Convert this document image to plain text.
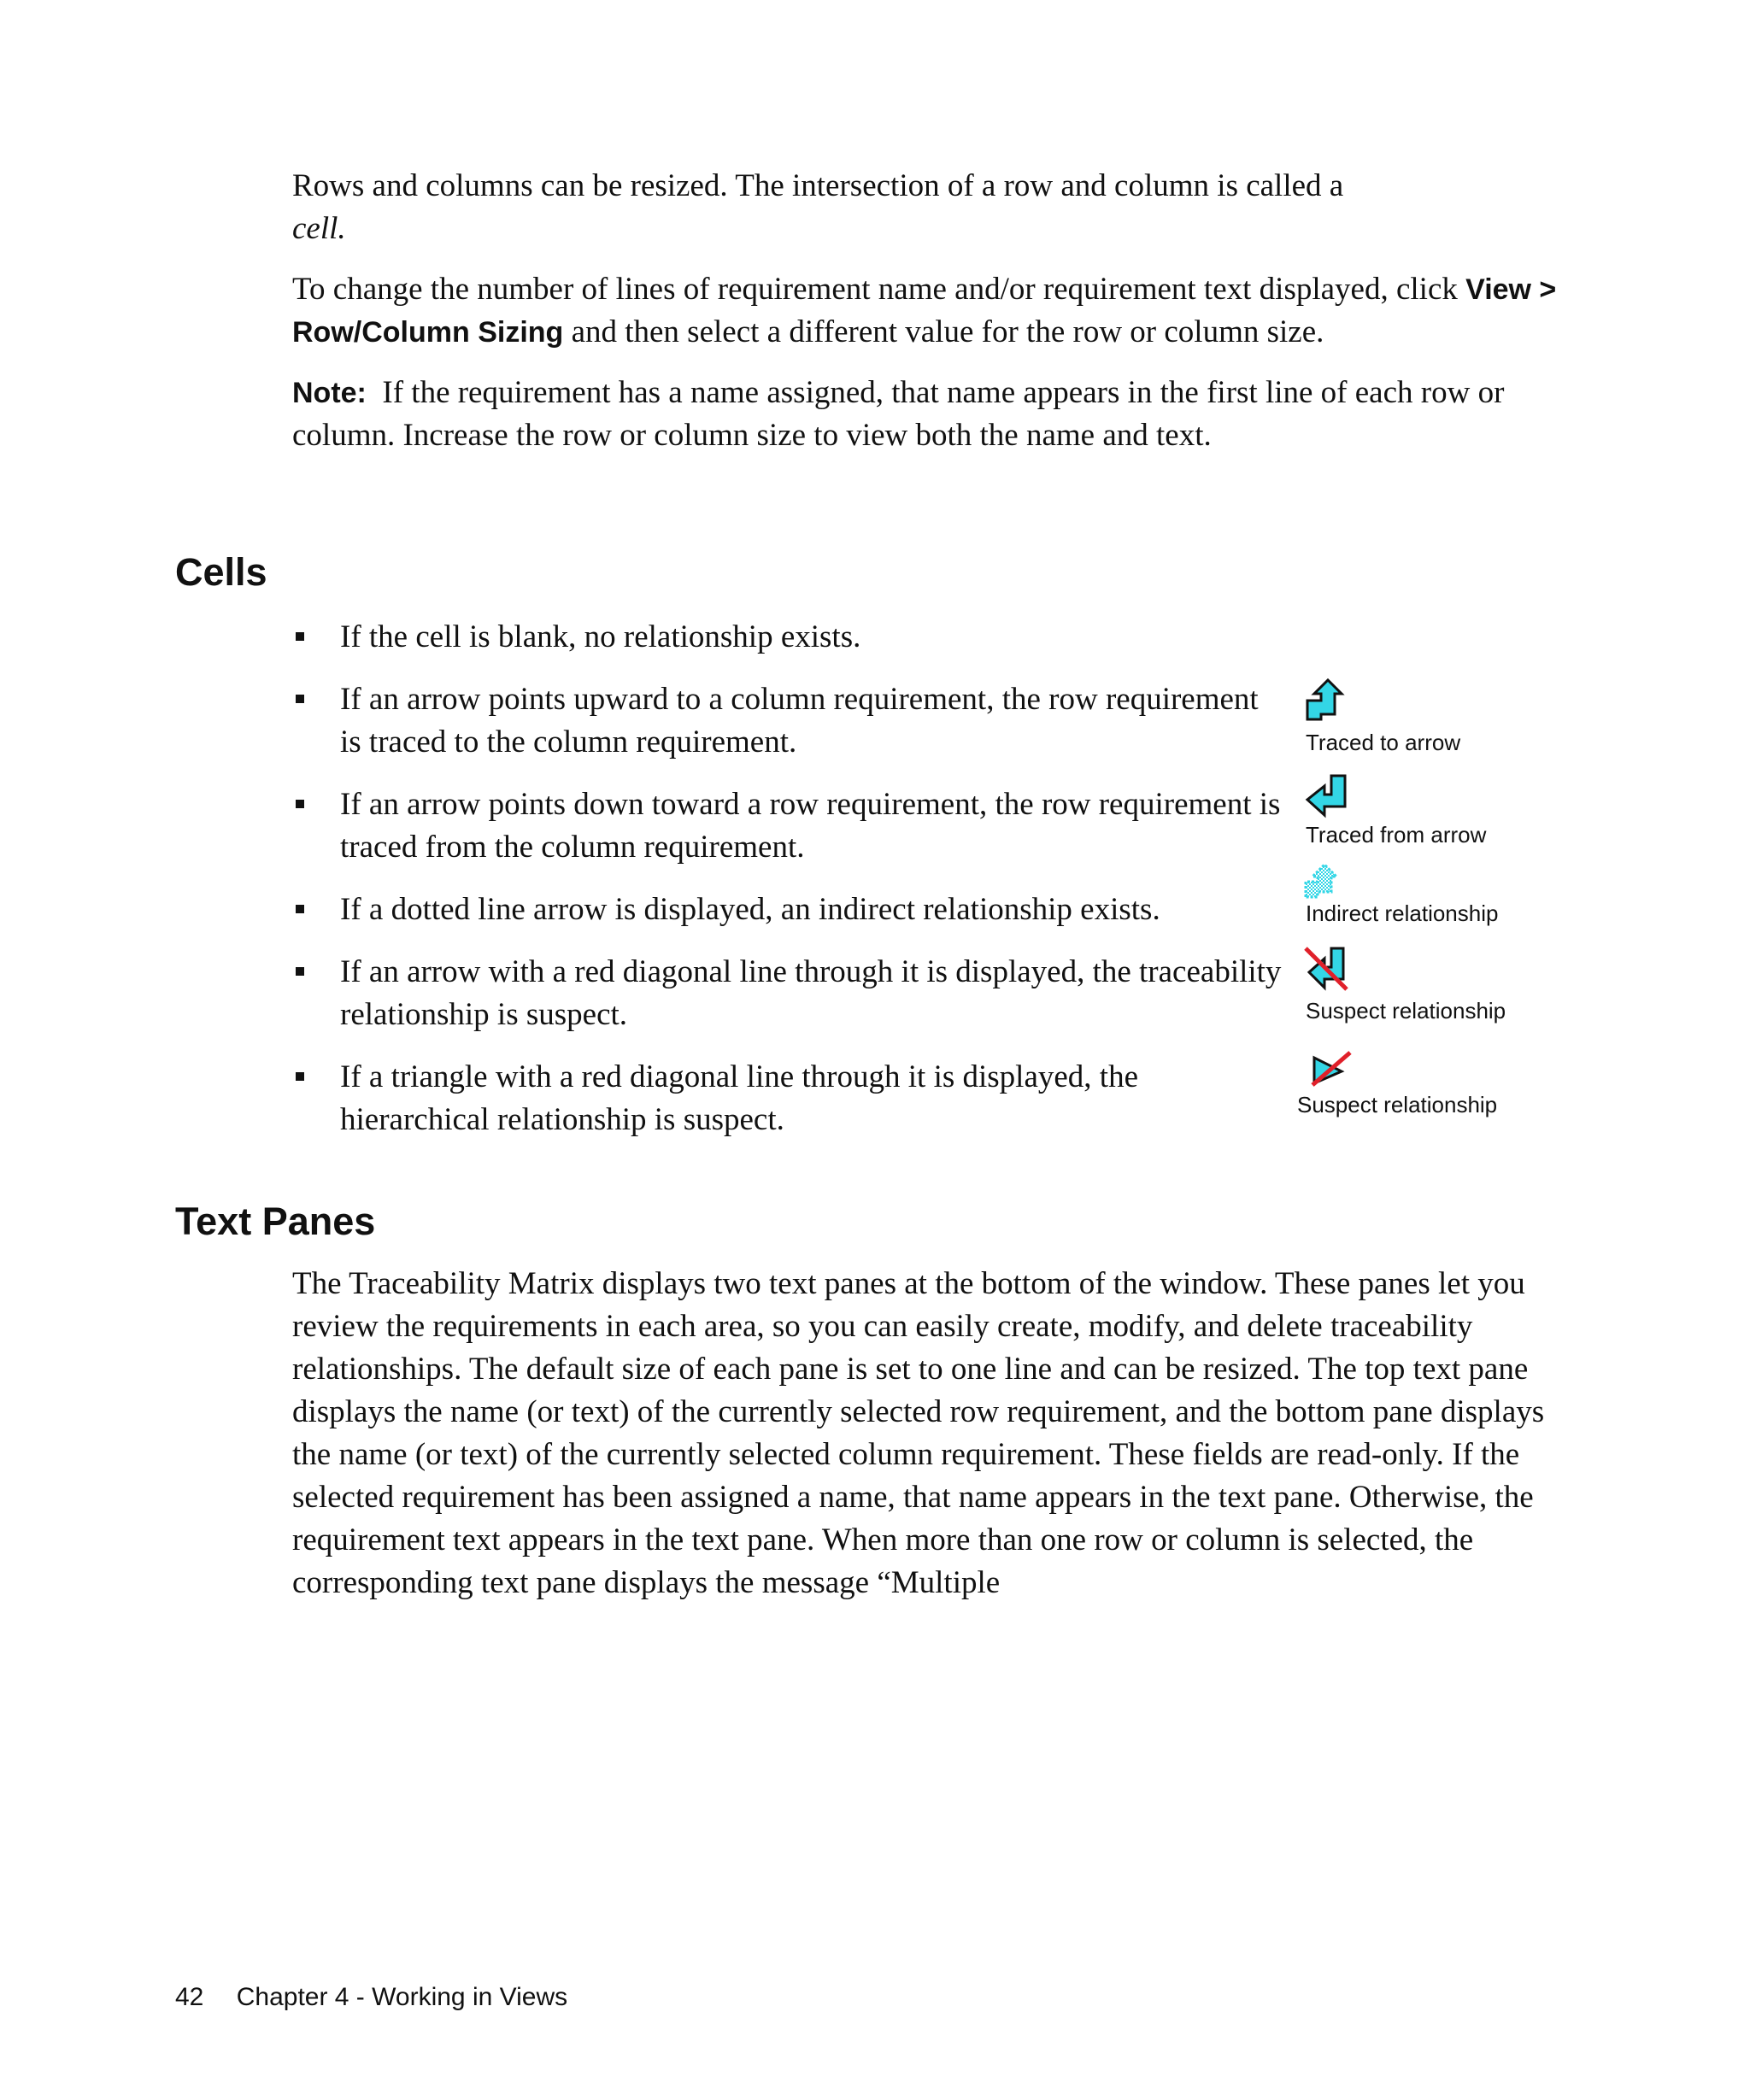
Rows and columns can be resized. The intersection of a row and column is called a
cell.

To change the number of lines of requirement name and/or requirement text displayed, click View > Row/Column Sizing and then select a different value for the row or column size.

Note: If the requirement has a name assigned, that name appears in the first line of each row or column. Increase the row or column size to view both the name and text.

Cells
If the cell is blank, no relationship exists.
If an arrow points upward to a column requirement, the row requirement is traced to the column requirement.
If an arrow points down toward a row requirement, the row requirement is traced from the column requirement.
If a dotted line arrow is displayed, an indirect relationship exists.
If an arrow with a red diagonal line through it is displayed, the traceability relationship is suspect.
If a triangle with a red diagonal line through it is displayed, the hierarchical relationship is suspect.
Traced to arrow
Traced from arrow
Indirect relationship
Suspect relationship
Suspect relationship
Text Panes

The Traceability Matrix displays two text panes at the bottom of the window. These panes let you review the requirements in each area, so you can easily create, modify, and delete traceability relationships. The default size of each pane is set to one line and can be resized. The top text pane displays the name (or text) of the currently selected row requirement, and the bottom pane displays the name (or text) of the currently selected column requirement. These fields are read-only. If the selected requirement has been assigned a name, that name appears in the text pane. Otherwise, the requirement text appears in the text pane. When more than one row or column is selected, the corresponding text pane displays the message “Multiple

42 Chapter 4 - Working in Views
